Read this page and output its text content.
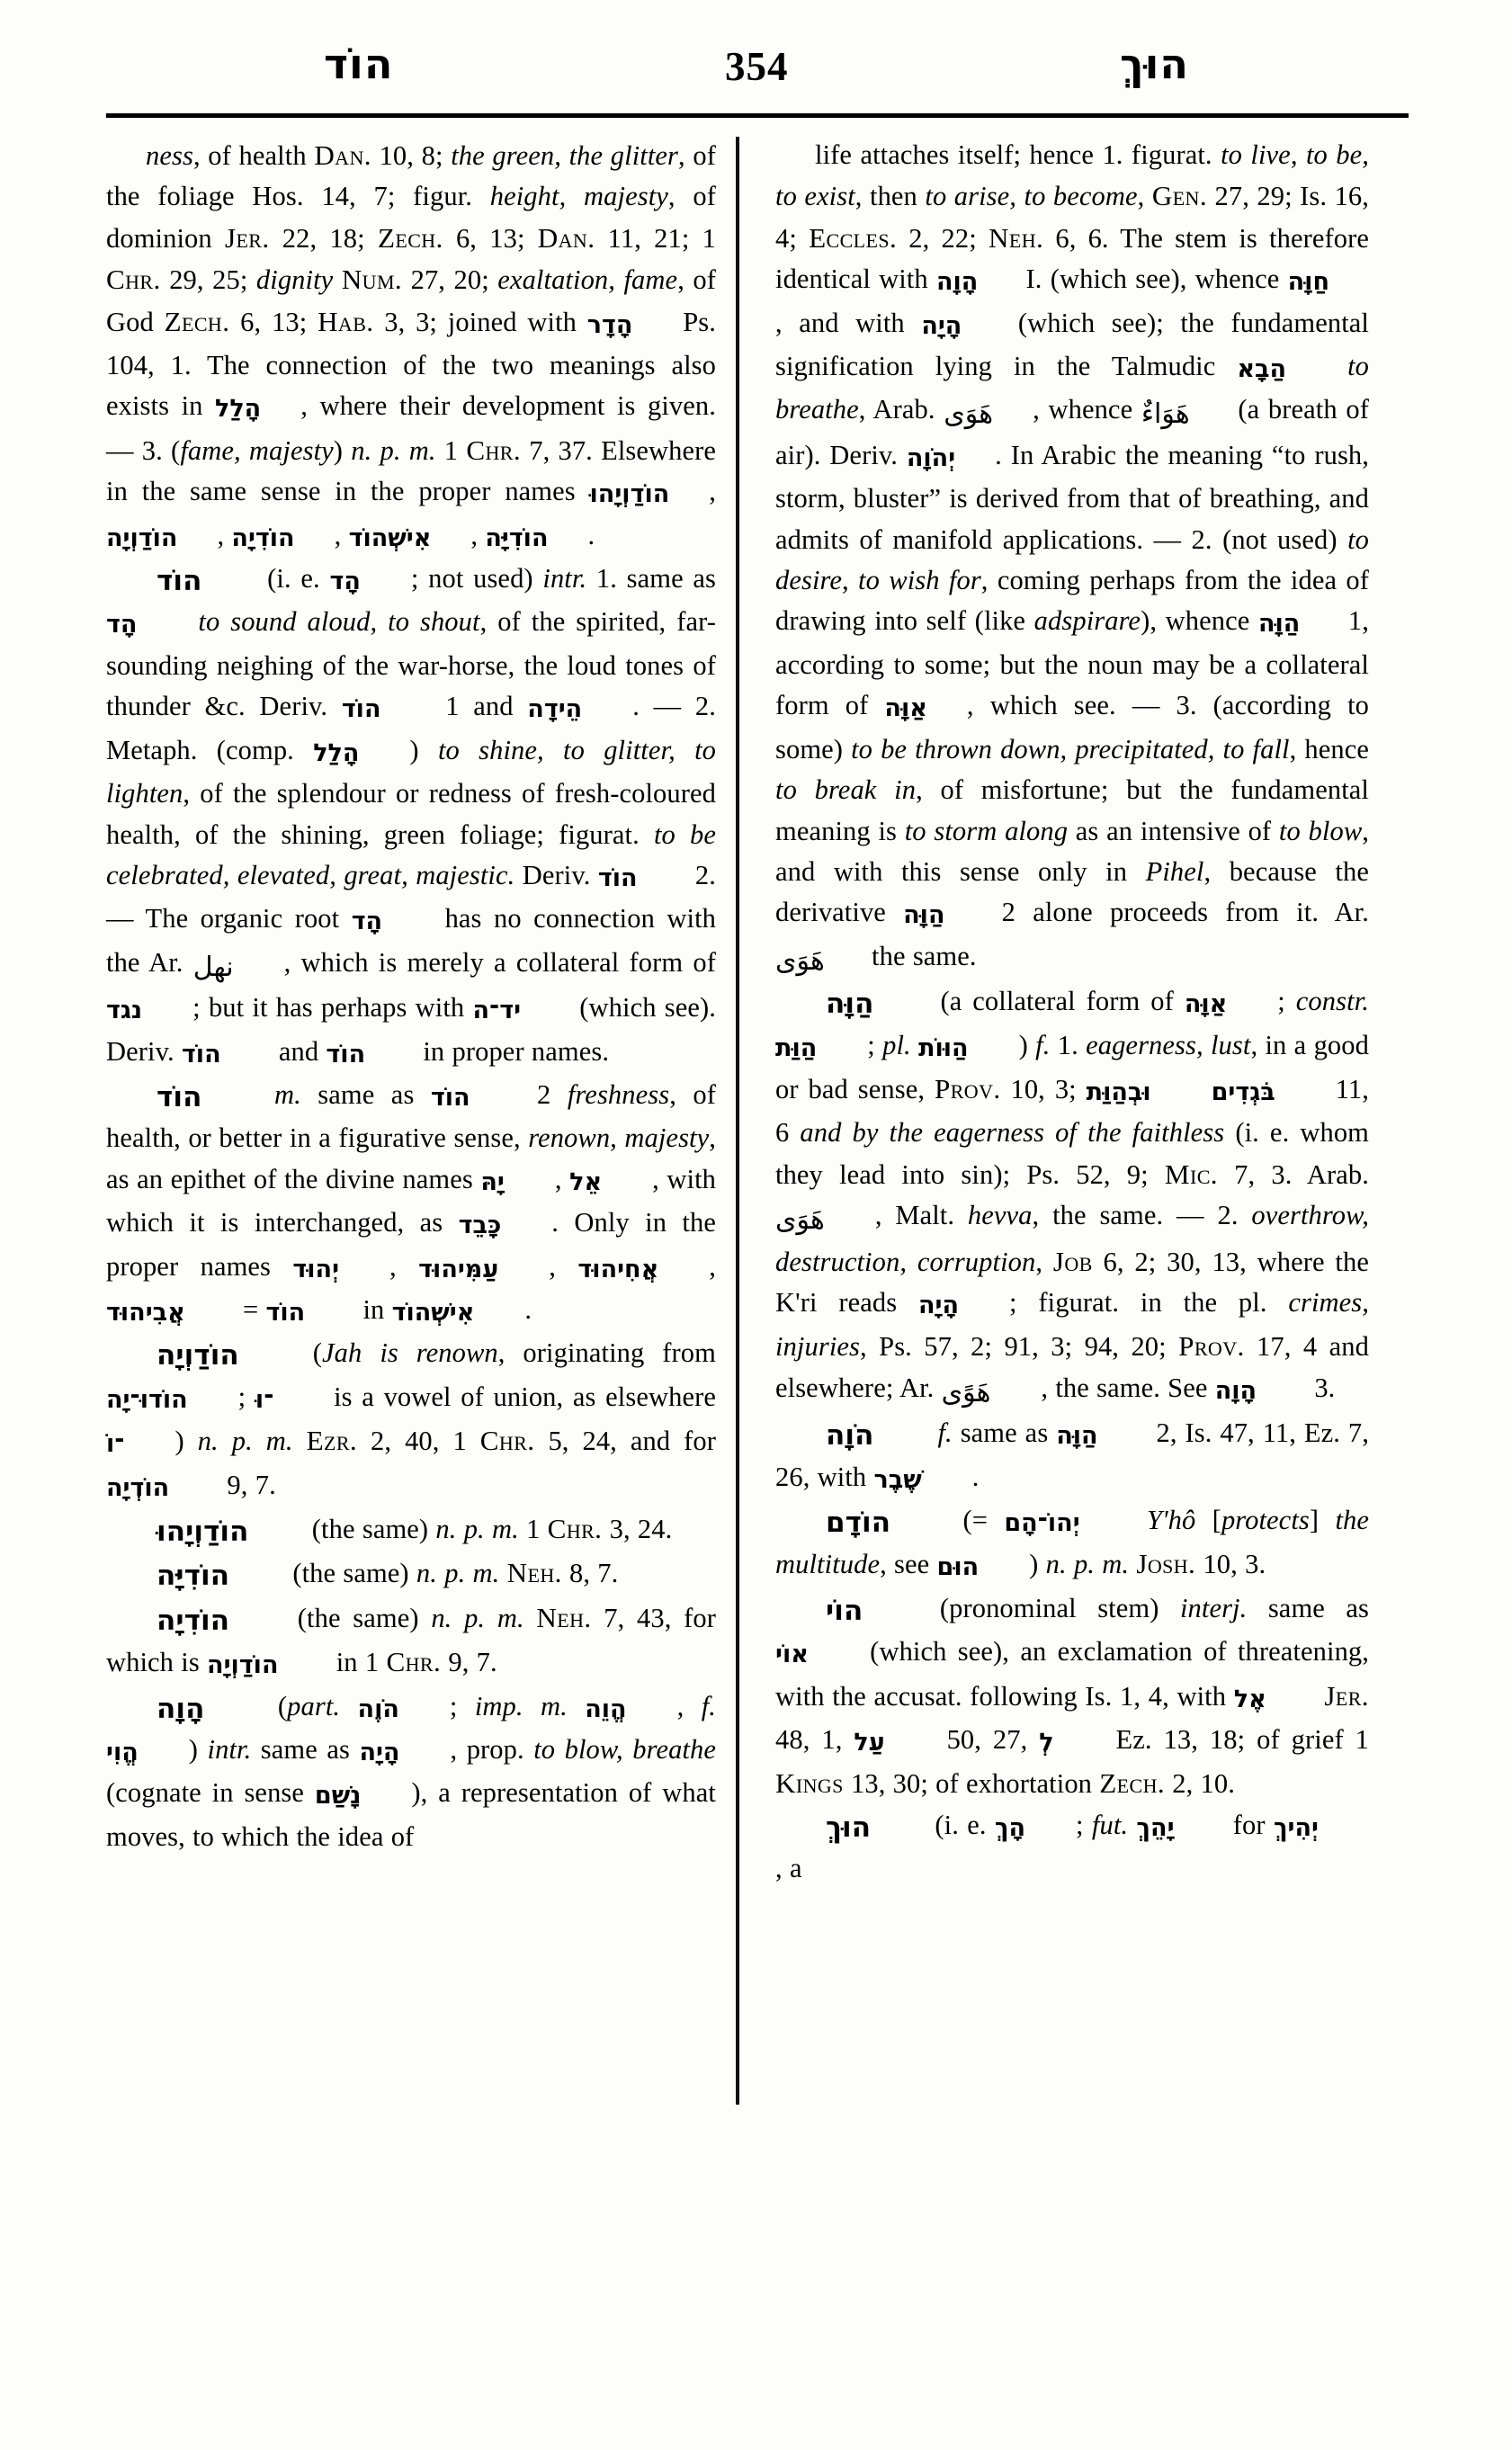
הוֹד	354	הוּךְ

ness, of health Dan. 10, 8; the green, the glitter, of the foliage Hos. 14, 7; figur. height, majesty, of dominion Jer. 22, 18; Zech. 6, 13; Dan. 11, 21; 1 Chr. 29, 25; dignity Num. 27, 20; exaltation, fame, of God Zech. 6, 13; Hab. 3, 3; joined with הָדָר Ps. 104, 1. The connection of the two meanings also exists in הָלַל , where their development is given. — 3. (fame, majesty) n. p. m. 1 Chr. 7, 37. Elsewhere in the same sense in the proper names הוֹדַוְיָהוּ , הוֹדַוְיָה , הוֹדִיָה , אִישְׁהוֹד , הוֹדִיָּה .

הוֹד (i. e. הָד ; not used) intr. 1. same as הָד to sound aloud, to shout, of the spirited, far-sounding neighing of the war-horse, the loud tones of thunder &c. Deriv. הוֹד 1 and הֵידָה . — 2. Metaph. (comp. הָלַל ) to shine, to glitter, to lighten, of the splendour or redness of fresh-coloured health, of the shining, green foliage; figurat. to be celebrated, elevated, great, majestic. Deriv. הוֹד 2. — The organic root הָד has no connection with the Ar. نهل , which is merely a collateral form of נגד ; but it has perhaps with יד־ה (which see). Deriv. הוֹד and הוֹד in proper names.

הוֹד	m. same as הוֹד 2 freshness, of health, or better in a figurative sense, renown, majesty, as an epithet of the divine names יָהּ , אֵל , with which it is interchanged, as כָּבֵד . Only in the proper names יְהוּד , עַמִּיהוּד , אֲחִיהוּד , אֲבִיהוּד = הוֹד in אִישְׁהוֹד .

הוֹדַוְיָה (Jah is renown, originating from הוֹדוּ־יָה ; ־וּ is a vowel of union, as elsewhere ־וֹ ) n. p. m. Ezr. 2, 40, 1 Chr. 5, 24, and for הוֹדְיָה 9, 7.

הוֹדַוְיָהוּ (the same) n. p. m. 1 Chr. 3, 24.

הוֹדִיָּה (the same) n. p. m. Neh. 8, 7.

הוֹדִיָה (the same) n. p. m. Neh. 7, 43, for which is הוֹדַוְיָה in 1 Chr. 9, 7.

הָוָה (part. הֹוֶה ; imp. m. הֱוֵה , f. הֱוִי ) intr. same as הָיָה , prop. to blow, breathe (cognate in sense נָשַׁם ), a representation of what moves, to which the idea of

life attaches itself; hence 1. figurat. to live, to be, to exist, then to arise, to become, Gen. 27, 29; Is. 16, 4; Eccles. 2, 22; Neh. 6, 6. The stem is therefore identical with הָוָה I. (which see), whence חַוָּה, and with הָיָה (which see); the fundamental signification lying in the Talmudic הַבָא to breathe, Arab. هَوَى , whence هَوَاءٌ (a breath of air). Deriv. יְהֹוָה . In Arabic the meaning “to rush, storm, bluster” is derived from that of breathing, and admits of manifold applications. — 2. (not used) to desire, to wish for, coming perhaps from the idea of drawing into self (like adspirare), whence הַוָּה 1, according to some; but the noun may be a collateral form of אַוָּה , which see. — 3. (according to some) to be thrown down, precipitated, to fall, hence to break in, of misfortune; but the fundamental meaning is to storm along as an intensive of to blow, and with this sense only in Pihel, because the derivative הַוָּה 2 alone proceeds from it. Ar. هَوَى the same.

הַוָּה (a collateral form of אַוָּה ; constr. הַוַּת ; pl. הַוּוֹת ) f. 1. eagerness, lust, in a good or bad sense, Prov. 10, 3; וּבְהַוַּת בֹּגְדִים 11, 6 and by the eagerness of the faithless (i. e. whom they lead into sin); Ps. 52, 9; Mic. 7, 3. Arab. هَوَى , Malt. hevva, the same. — 2. overthrow, destruction, corruption, Job 6, 2; 30, 13, where the K'ri reads הָיָה ; figurat. in the pl. crimes, injuries, Ps. 57, 2; 91, 3; 94, 20; Prov. 17, 4 and elsewhere; Ar. هَوًى , the same. See הָוָה 3.

הֹוָה f. same as הַוָּה 2, Is. 47, 11, Ez. 7, 26, with שֶׁבֶר .

הוֹדָם (= יְהוֹ־הָם Y'hô [protects] the multitude, see הוּם ) n. p. m. Josh. 10, 3.

הוֹי (pronominal stem) interj. same as אוֹי (which see), an exclamation of threatening, with the accusat. following Is. 1, 4, with אֶל Jer. 48, 1, עַל 50, 27, לְ Ez. 13, 18; of grief 1 Kings 13, 30; of exhortation Zech. 2, 10.

הוּךְ (i. e. הָךְ ; fut. יָהֵךְ for יְהִיךְ, a
